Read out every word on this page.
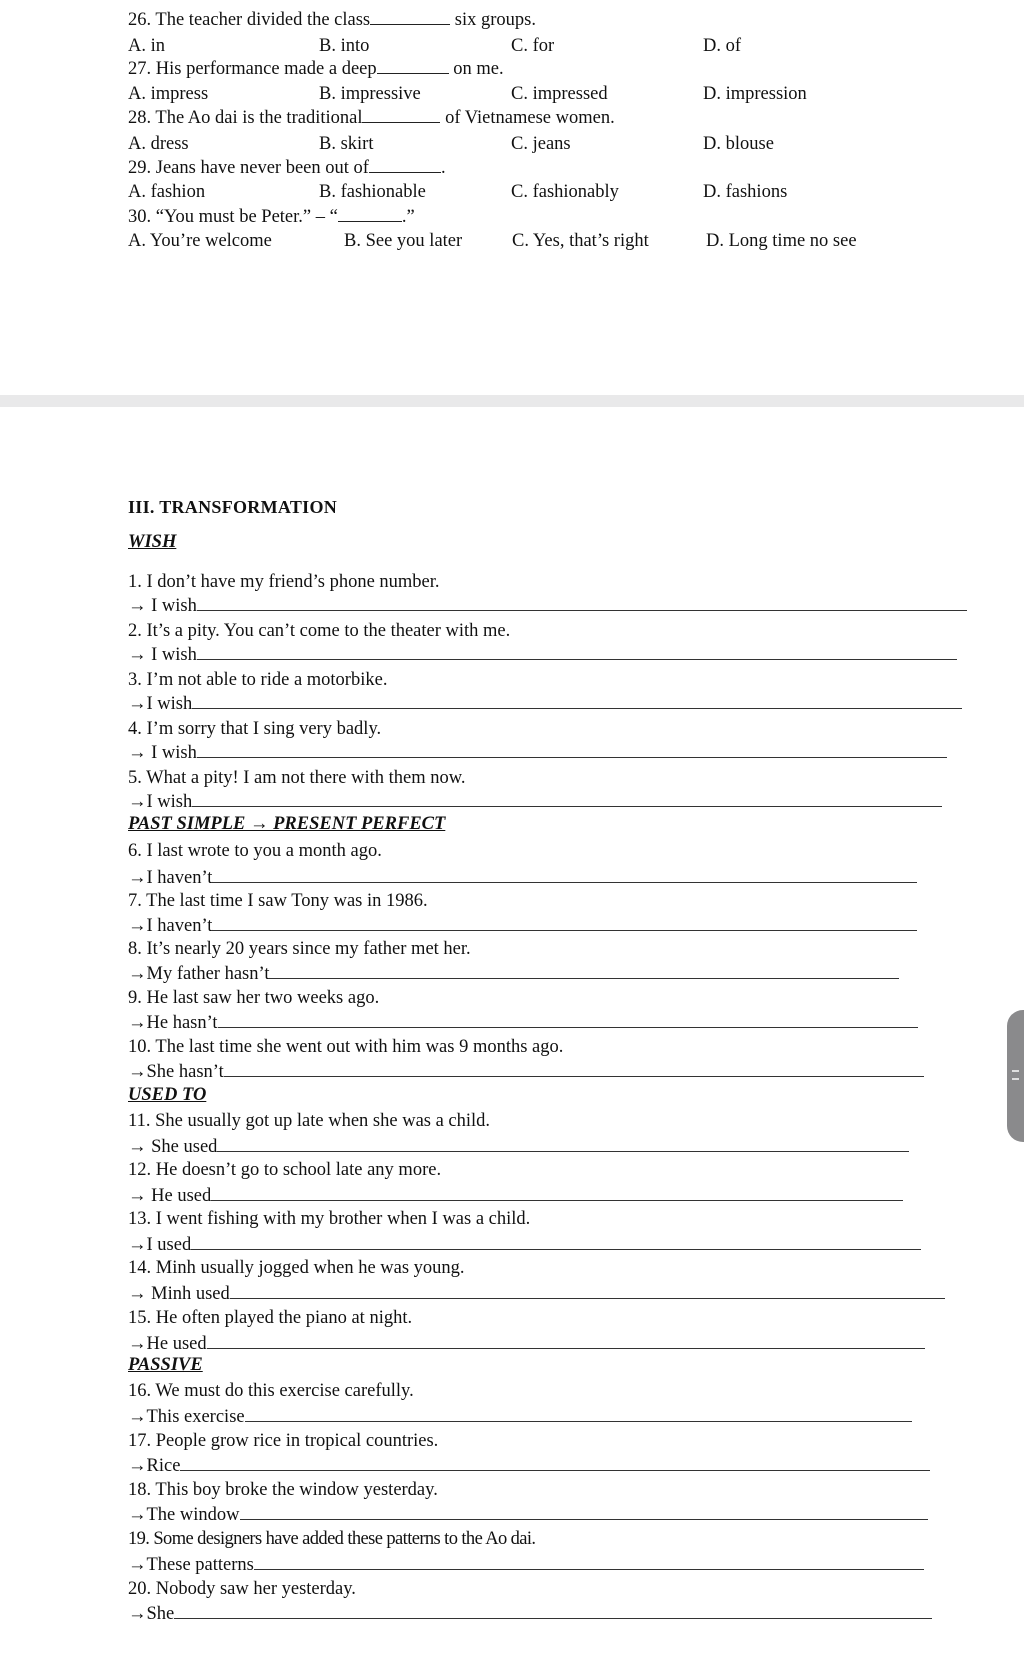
26. The teacher divided the class	six groups.
A. in	B. into	C. for	D. of
27. His performance made a deep	on me.
A. impress	B. impressive	C. impressed	D. impression
28. The Ao dai is the traditional	of Vietnamese women.
A. dress	B. skirt	C. jeans	D. blouse
29. Jeans have never been out of	.
A. fashion	B. fashionable	C. fashionably	D. fashions
30. “You must be Peter.” – “	.”
A. You’re welcome	B. See you later	C. Yes, that’s right	D. Long time no see
III. TRANSFORMATION
WISH
1. I don’t have my friend’s phone number.
→ I wish
2. It’s a pity. You can’t come to the theater with me.
→ I wish
3. I’m not able to ride a motorbike.
→I wish
4. I’m sorry that I sing very badly.
→ I wish
5. What a pity! I am not there with them now.
→I wish
PAST SIMPLE → PRESENT PERFECT
6. I last wrote to you a month ago.
→I haven’t
7. The last time I saw Tony was in 1986.
→I haven’t
8. It’s nearly 20 years since my father met her.
→My father hasn’t
9. He last saw her two weeks ago.
→He hasn’t
10. The last time she went out with him was 9 months ago.
→She hasn’t
USED TO
11. She usually got up late when she was a child.
→ She used
12. He doesn’t go to school late any more.
→ He used
13. I went fishing with my brother when I was a child.
→I used
14. Minh usually jogged when he was young.
→ Minh used
15. He often played the piano at night.
→He used
PASSIVE
16. We must do this exercise carefully.
→This exercise
17. People grow rice in tropical countries.
→Rice
18. This boy broke the window yesterday.
→The window
19. Some designers have added these patterns to the Ao dai.
→These patterns
20. Nobody saw her yesterday.
→She
